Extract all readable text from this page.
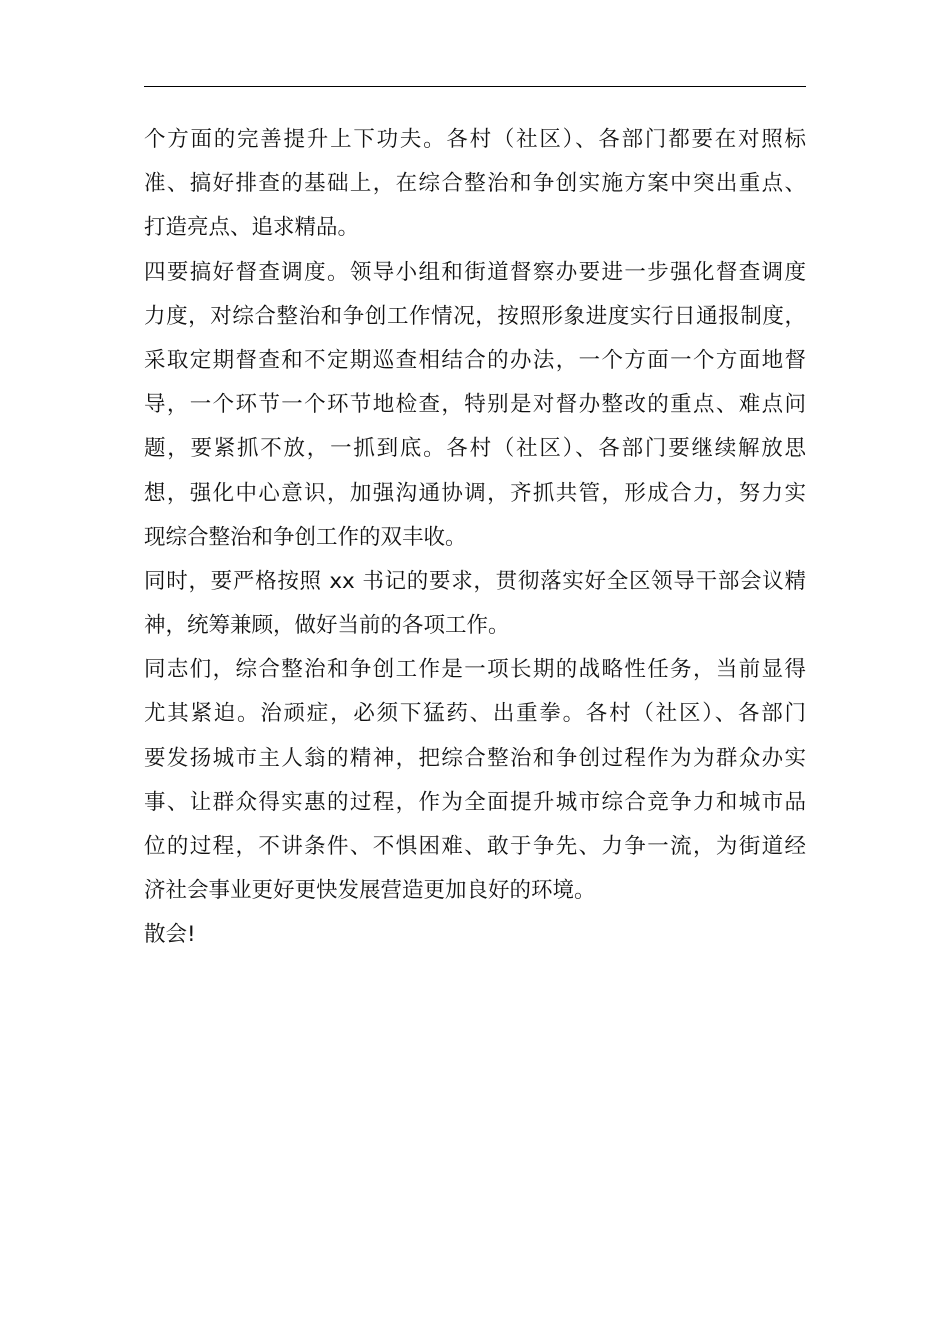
个方面的完善提升上下功夫。各村（社区）、各部门都要在对照标
准、搞好排查的基础上，在综合整治和争创实施方案中突出重点、
打造亮点、追求精品。
四要搞好督查调度。领导小组和街道督察办要进一步强化督查调度
力度，对综合整治和争创工作情况，按照形象进度实行日通报制度，
采取定期督查和不定期巡查相结合的办法，一个方面一个方面地督
导，一个环节一个环节地检查，特别是对督办整改的重点、难点问
题，要紧抓不放，一抓到底。各村（社区）、各部门要继续解放思
想，强化中心意识，加强沟通协调，齐抓共管，形成合力，努力实
现综合整治和争创工作的双丰收。
同时，要严格按照 xx 书记的要求，贯彻落实好全区领导干部会议精
神，统筹兼顾，做好当前的各项工作。
同志们，综合整治和争创工作是一项长期的战略性任务，当前显得
尤其紧迫。治顽症，必须下猛药、出重拳。各村（社区）、各部门
要发扬城市主人翁的精神，把综合整治和争创过程作为为群众办实
事、让群众得实惠的过程，作为全面提升城市综合竞争力和城市品
位的过程，不讲条件、不惧困难、敢于争先、力争一流，为街道经
济社会事业更好更快发展营造更加良好的环境。
散会!
